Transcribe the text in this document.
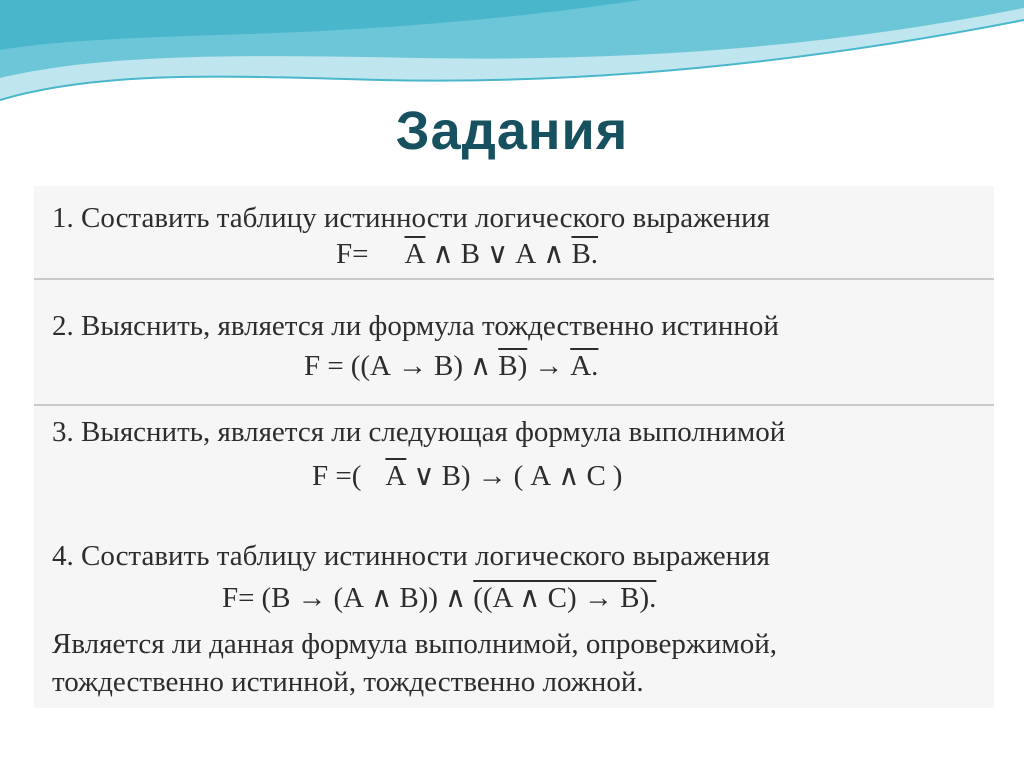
Задания
1. Составить таблицу истинности логического выражения
$F= \overline{A}$ ∧ B ∨ A ∧ B.
2. Выяснить, является ли формула тождественно истинной
F = ((A → B) ∧ B) → A.
3. Выяснить, является ли следующая формула выполнимой
F =( $\overline{A}$ ∨ B) → ( A ∧ C )
4. Составить таблицу истинности логического выражения
F= (B → (A ∧ B)) ∧ ((A ∧ C) → B).
Является ли данная формула выполнимой, опровержимой,
тождественно истинной, тождественно ложной.
